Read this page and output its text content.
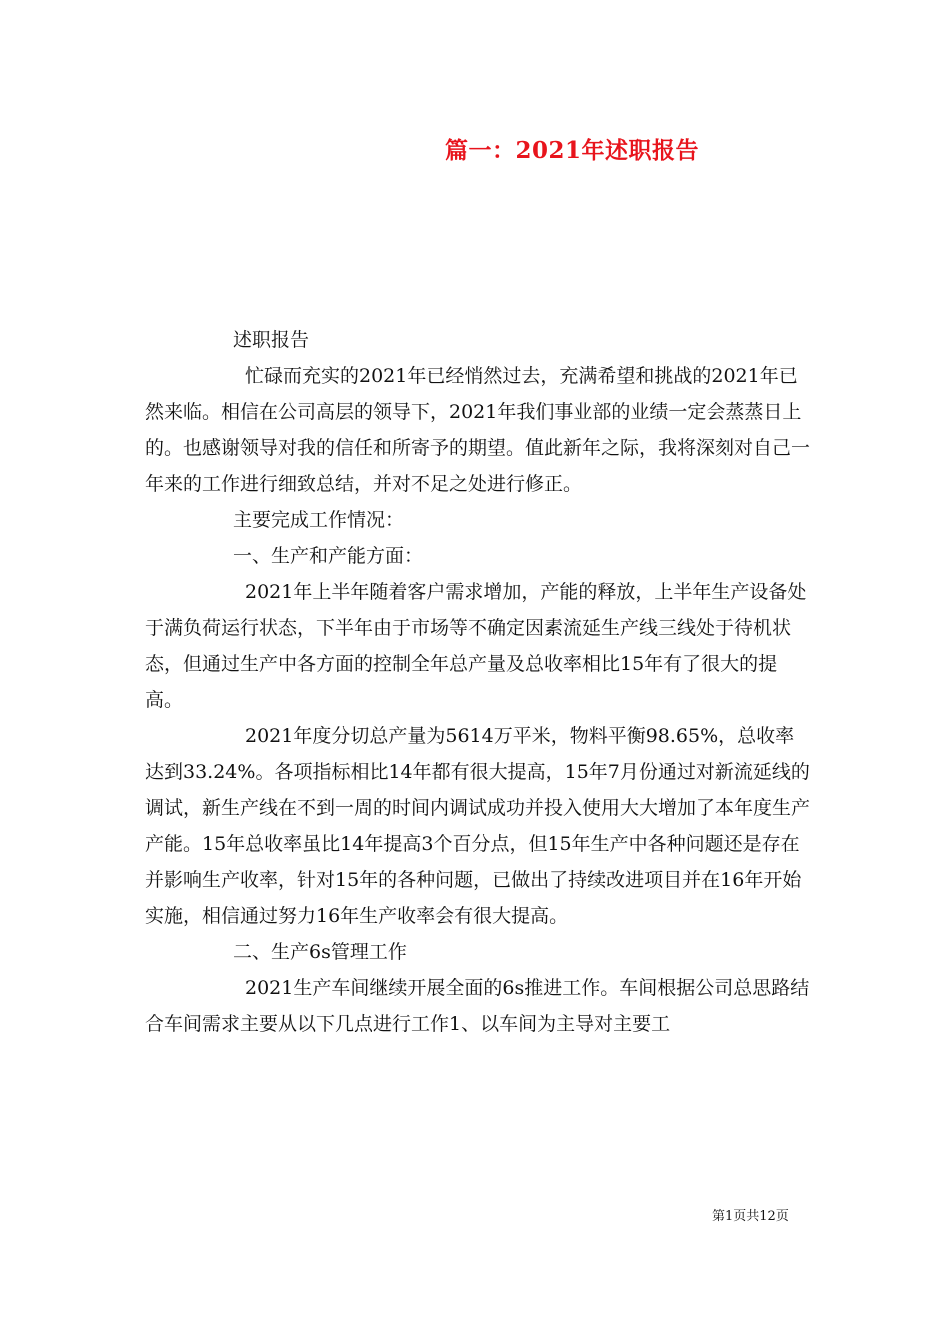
篇一：2021年述职报告

述职报告

忙碌而充实的2021年已经悄然过去，充满希望和挑战的2021年已然来临。相信在公司高层的领导下，2021年我们事业部的业绩一定会蒸蒸日上的。也感谢领导对我的信任和所寄予的期望。值此新年之际，我将深刻对自己一年来的工作进行细致总结，并对不足之处进行修正。

主要完成工作情况：

一、生产和产能方面：

2021年上半年随着客户需求增加，产能的释放，上半年生产设备处于满负荷运行状态，下半年由于市场等不确定因素流延生产线三线处于待机状态，但通过生产中各方面的控制全年总产量及总收率相比15年有了很大的提高。

2021年度分切总产量为5614万平米，物料平衡98.65%，总收率达到33.24%。各项指标相比14年都有很大提高，15年7月份通过对新流延线的调试，新生产线在不到一周的时间内调试成功并投入使用大大增加了本年度生产产能。15年总收率虽比14年提高3个百分点，但15年生产中各种问题还是存在并影响生产收率，针对15年的各种问题，已做出了持续改进项目并在16年开始实施，相信通过努力16年生产收率会有很大提高。

二、生产6s管理工作

2021生产车间继续开展全面的6s推进工作。车间根据公司总思路结合车间需求主要从以下几点进行工作1、以车间为主导对主要工

第1页共12页
